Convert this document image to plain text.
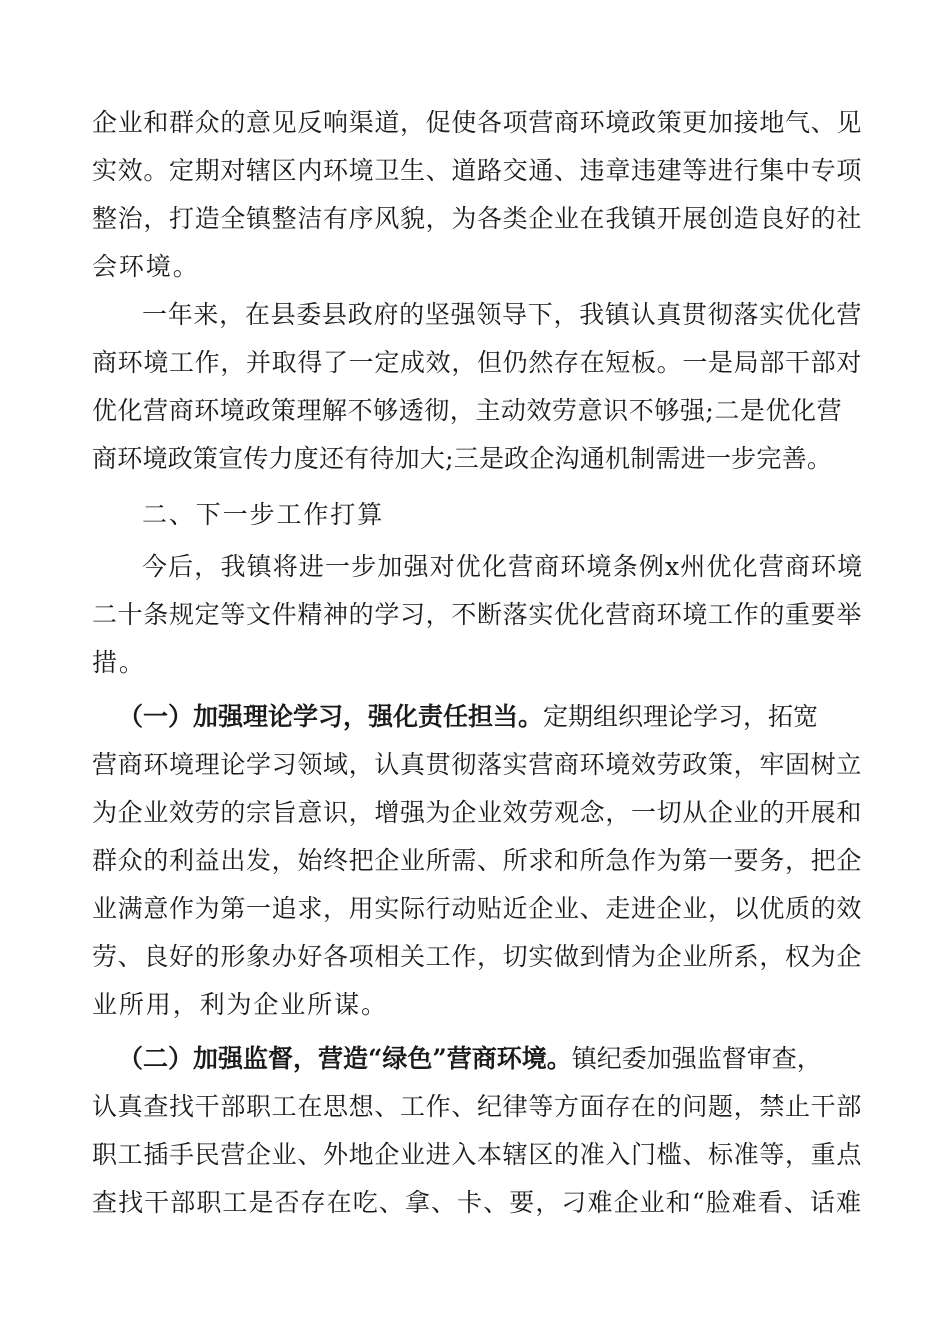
企业和群众的意见反响渠道，促使各项营商环境政策更加接地气、见
实效。定期对辖区内环境卫生、道路交通、违章违建等进行集中专项
整治，打造全镇整洁有序风貌，为各类企业在我镇开展创造良好的社
会环境。
一年来，在县委县政府的坚强领导下，我镇认真贯彻落实优化营
商环境工作，并取得了一定成效，但仍然存在短板。一是局部干部对
优化营商环境政策理解不够透彻，主动效劳意识不够强;二是优化营
商环境政策宣传力度还有待加大;三是政企沟通机制需进一步完善。
二、下一步工作打算
今后，我镇将进一步加强对优化营商环境条例x州优化营商环境
二十条规定等文件精神的学习，不断落实优化营商环境工作的重要举
措。
（一）加强理论学习，强化责任担当。定期组织理论学习，拓宽
营商环境理论学习领域，认真贯彻落实营商环境效劳政策，牢固树立
为企业效劳的宗旨意识，增强为企业效劳观念，一切从企业的开展和
群众的利益出发，始终把企业所需、所求和所急作为第一要务，把企
业满意作为第一追求，用实际行动贴近企业、走进企业，以优质的效
劳、良好的形象办好各项相关工作，切实做到情为企业所系，权为企
业所用，利为企业所谋。
（二）加强监督，营造“绿色”营商环境。镇纪委加强监督审查，
认真查找干部职工在思想、工作、纪律等方面存在的问题，禁止干部
职工插手民营企业、外地企业进入本辖区的准入门槛、标准等，重点
查找干部职工是否存在吃、拿、卡、要，刁难企业和“脸难看、话难
